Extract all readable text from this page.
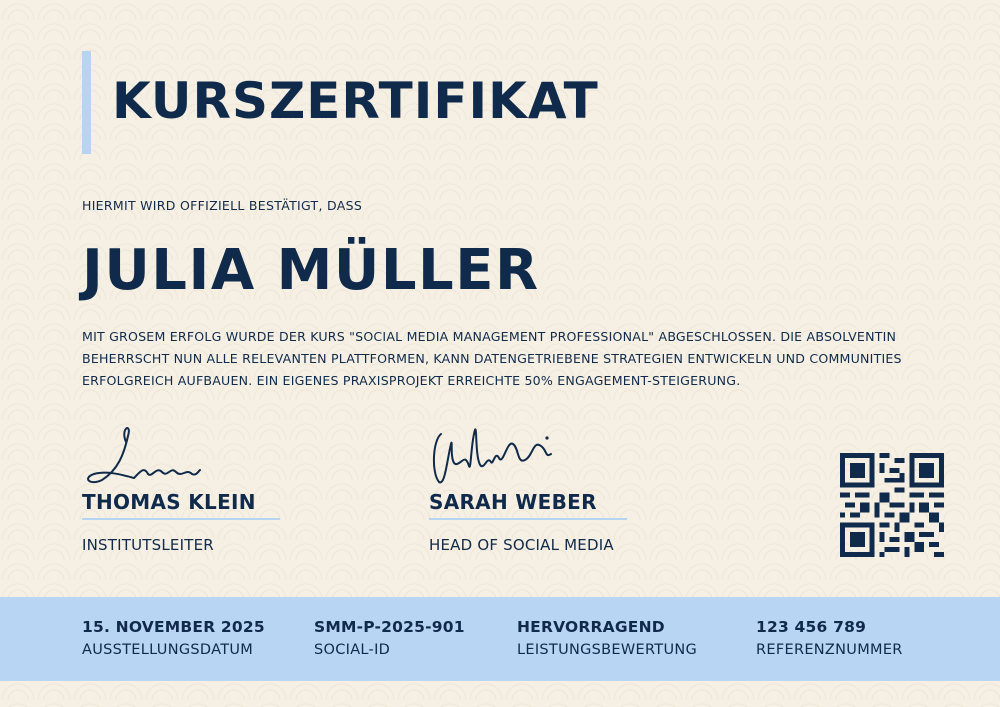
KURSZERTIFIKAT
HIERMIT WIRD OFFIZIELL BESTÄTIGT, DASS
JULIA MÜLLER
MIT GROSEM ERFOLG WURDE DER KURS "SOCIAL MEDIA MANAGEMENT PROFESSIONAL" ABGESCHLOSSEN. DIE ABSOLVENTIN BEHERRSCHT NUN ALLE RELEVANTEN PLATTFORMEN, KANN DATENGETRIEBENE STRATEGIEN ENTWICKELN UND COMMUNITIES ERFOLGREICH AUFBAUEN. EIN EIGENES PRAXISPROJEKT ERREICHTE 50% ENGAGEMENT-STEIGERUNG.
THOMAS KLEIN
INSTITUTSLEITER
SARAH WEBER
HEAD OF SOCIAL MEDIA
15. NOVEMBER 2025
AUSSTELLUNGSDATUM
SMM-P-2025-901
SOCIAL-ID
HERVORRAGEND
LEISTUNGSBEWERTUNG
123 456 789
REFERENZNUMMER
